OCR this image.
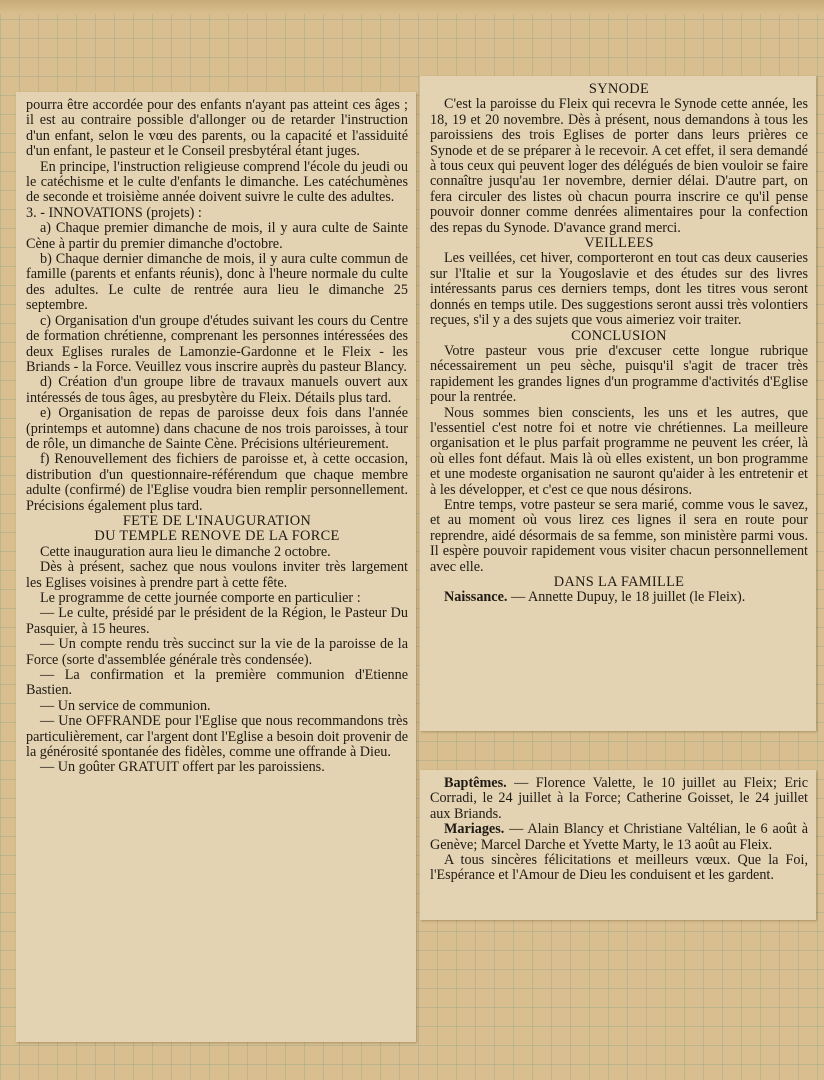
pourra être accordée pour des enfants n'ayant pas atteint ces âges ; il est au contraire possible d'allonger ou de retarder l'instruction d'un enfant, selon le vœu des parents, ou la capacité et l'assiduité d'un enfant, le pasteur et le Conseil presbytéral étant juges.

En principe, l'instruction religieuse comprend l'école du jeudi ou le catéchisme et le culte d'enfants le dimanche. Les catéchumènes de seconde et troisième année doivent suivre le culte des adultes.

3. - INNOVATIONS (projets) :

a) Chaque premier dimanche de mois, il y aura culte de Sainte Cène à partir du premier dimanche d'octobre.

b) Chaque dernier dimanche de mois, il y aura culte commun de famille (parents et enfants réunis), donc à l'heure normale du culte des adultes. Le culte de rentrée aura lieu le dimanche 25 septembre.

c) Organisation d'un groupe d'études suivant les cours du Centre de formation chrétienne, comprenant les personnes intéressées des deux Eglises rurales de Lamonzie-Gardonne et le Fleix - les Briands - la Force. Veuillez vous inscrire auprès du pasteur Blancy.

d) Création d'un groupe libre de travaux manuels ouvert aux intéressés de tous âges, au presbytère du Fleix. Détails plus tard.

e) Organisation de repas de paroisse deux fois dans l'année (printemps et automne) dans chacune de nos trois paroisses, à tour de rôle, un dimanche de Sainte Cène. Précisions ultérieurement.

f) Renouvellement des fichiers de paroisse et, à cette occasion, distribution d'un questionnaire-référendum que chaque membre adulte (confirmé) de l'Eglise voudra bien remplir personnellement. Précisions également plus tard.

FETE DE L'INAUGURATION

DU TEMPLE RENOVE DE LA FORCE

Cette inauguration aura lieu le dimanche 2 octobre.

Dès à présent, sachez que nous voulons inviter très largement les Eglises voisines à prendre part à cette fête.

Le programme de cette journée comporte en particulier :

— Le culte, présidé par le président de la Région, le Pasteur Du Pasquier, à 15 heures.

— Un compte rendu très succinct sur la vie de la paroisse de la Force (sorte d'assemblée générale très condensée).

— La confirmation et la première communion d'Etienne Bastien.

— Un service de communion.

— Une OFFRANDE pour l'Eglise que nous recommandons très particulièrement, car l'argent dont l'Eglise a besoin doit provenir de la générosité spontanée des fidèles, comme une offrande à Dieu.

— Un goûter GRATUIT offert par les paroissiens.

SYNODE

C'est la paroisse du Fleix qui recevra le Synode cette année, les 18, 19 et 20 novembre. Dès à présent, nous demandons à tous les paroissiens des trois Eglises de porter dans leurs prières ce Synode et de se préparer à le recevoir. A cet effet, il sera demandé à tous ceux qui peuvent loger des délégués de bien vouloir se faire connaître jusqu'au 1er novembre, dernier délai. D'autre part, on fera circuler des listes où chacun pourra inscrire ce qu'il pense pouvoir donner comme denrées alimentaires pour la confection des repas du Synode. D'avance grand merci.

VEILLEES

Les veillées, cet hiver, comporteront en tout cas deux causeries sur l'Italie et sur la Yougoslavie et des études sur des livres intéressants parus ces derniers temps, dont les titres vous seront donnés en temps utile. Des suggestions seront aussi très volontiers reçues, s'il y a des sujets que vous aimeriez voir traiter.

CONCLUSION

Votre pasteur vous prie d'excuser cette longue rubrique nécessairement un peu sèche, puisqu'il s'agit de tracer très rapidement les grandes lignes d'un programme d'activités d'Eglise pour la rentrée.

Nous sommes bien conscients, les uns et les autres, que l'essentiel c'est notre foi et notre vie chrétiennes. La meilleure organisation et le plus parfait programme ne peuvent les créer, là où elles font défaut. Mais là où elles existent, un bon programme et une modeste organisation ne sauront qu'aider à les entretenir et à les développer, et c'est ce que nous désirons.

Entre temps, votre pasteur se sera marié, comme vous le savez, et au moment où vous lirez ces lignes il sera en route pour reprendre, aidé désormais de sa femme, son ministère parmi vous. Il espère pouvoir rapidement vous visiter chacun personnellement avec elle.

DANS LA FAMILLE

Naissance. — Annette Dupuy, le 18 juillet (le Fleix).

Baptêmes. — Florence Valette, le 10 juillet au Fleix; Eric Corradi, le 24 juillet à la Force; Catherine Goisset, le 24 juillet aux Briands.

Mariages. — Alain Blancy et Christiane Valtélian, le 6 août à Genève; Marcel Darche et Yvette Marty, le 13 août au Fleix.

A tous sincères félicitations et meilleurs vœux. Que la Foi, l'Espérance et l'Amour de Dieu les conduisent et les gardent.
